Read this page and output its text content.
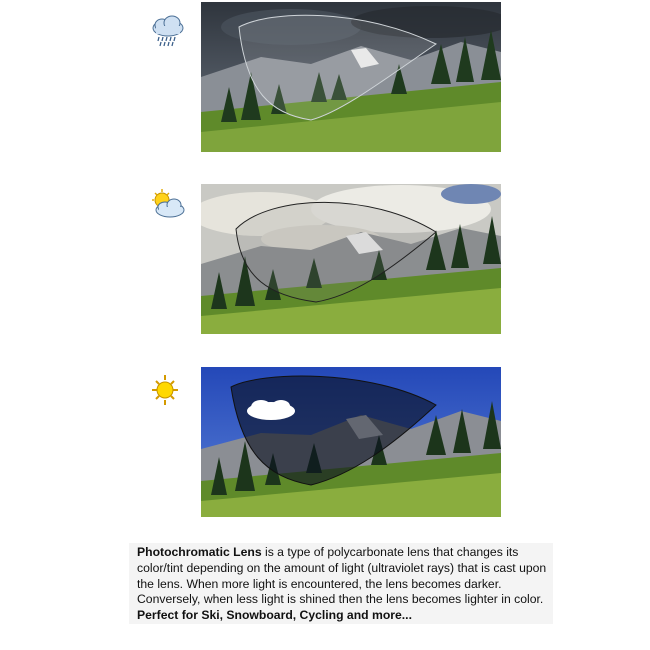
Photochromatic Lens is a type of polycarbonate lens that changes its color/tint depending on the amount of light (ultraviolet rays) that is cast upon the lens. When more light is encountered, the lens becomes darker. Conversely, when less light is shined then the lens becomes lighter in color. Perfect for Ski, Snowboard, Cycling and more...
